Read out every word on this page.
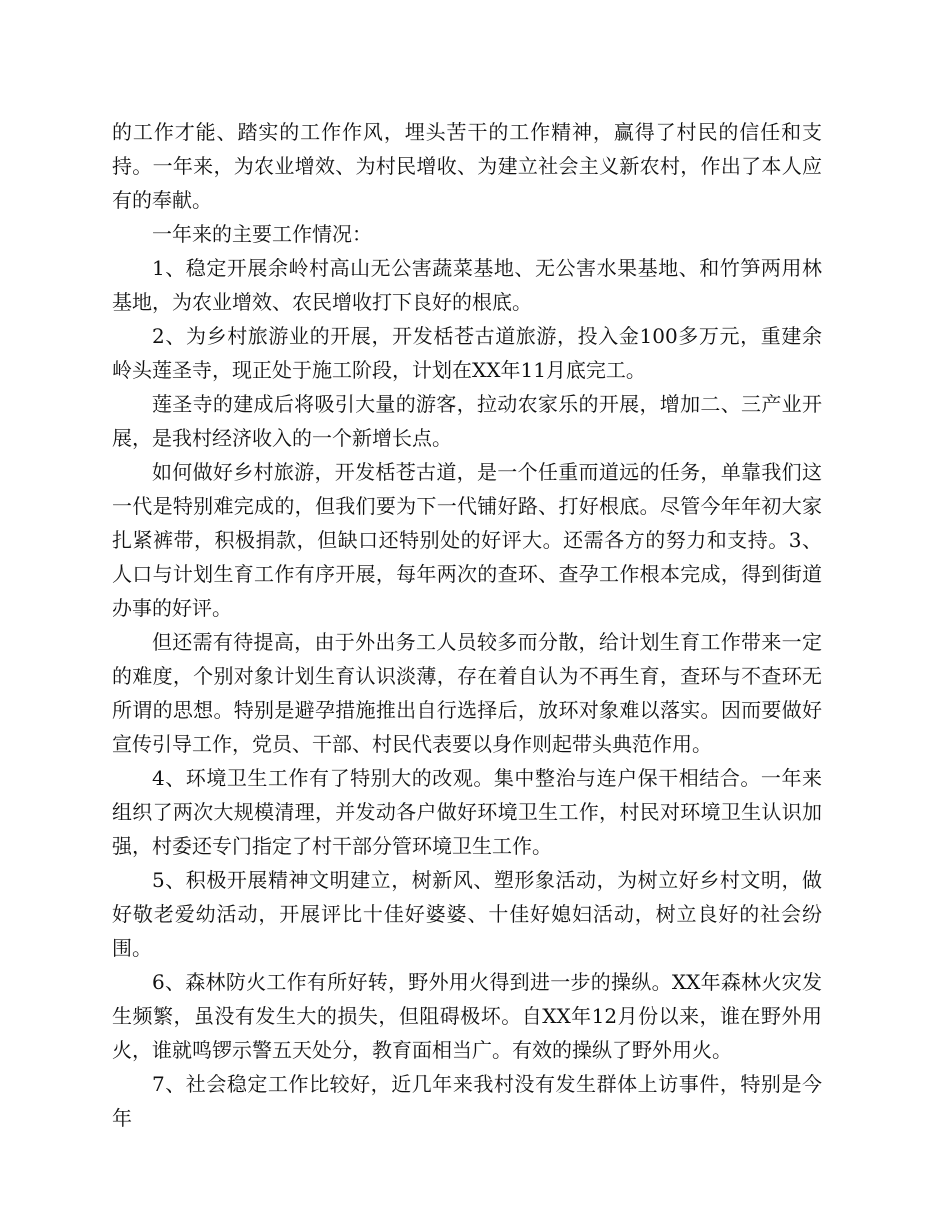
的工作才能、踏实的工作作风，埋头苦干的工作精神，赢得了村民的信任和支持。一年来，为农业增效、为村民增收、为建立社会主义新农村，作出了本人应有的奉献。

一年来的主要工作情况：

1、稳定开展余岭村高山无公害蔬菜基地、无公害水果基地、和竹笋两用林基地，为农业增效、农民增收打下良好的根底。

2、为乡村旅游业的开展，开发栝苍古道旅游，投入金100多万元，重建余岭头莲圣寺，现正处于施工阶段，计划在XX年11月底完工。

莲圣寺的建成后将吸引大量的游客，拉动农家乐的开展，增加二、三产业开展，是我村经济收入的一个新增长点。

如何做好乡村旅游，开发栝苍古道，是一个任重而道远的任务，单靠我们这一代是特别难完成的，但我们要为下一代铺好路、打好根底。尽管今年年初大家扎紧裤带，积极捐款，但缺口还特别处的好评大。还需各方的努力和支持。3、人口与计划生育工作有序开展，每年两次的查环、查孕工作根本完成，得到街道办事的好评。

但还需有待提高，由于外出务工人员较多而分散，给计划生育工作带来一定的难度，个别对象计划生育认识淡薄，存在着自认为不再生育，查环与不查环无所谓的思想。特别是避孕措施推出自行选择后，放环对象难以落实。因而要做好宣传引导工作，党员、干部、村民代表要以身作则起带头典范作用。

4、环境卫生工作有了特别大的改观。集中整治与连户保干相结合。一年来组织了两次大规模清理，并发动各户做好环境卫生工作，村民对环境卫生认识加强，村委还专门指定了村干部分管环境卫生工作。

5、积极开展精神文明建立，树新风、塑形象活动，为树立好乡村文明，做好敬老爱幼活动，开展评比十佳好婆婆、十佳好媳妇活动，树立良好的社会纷围。

6、森林防火工作有所好转，野外用火得到进一步的操纵。XX年森林火灾发生频繁，虽没有发生大的损失，但阻碍极坏。自XX年12月份以来，谁在野外用火，谁就鸣锣示警五天处分，教育面相当广。有效的操纵了野外用火。

7、社会稳定工作比较好，近几年来我村没有发生群体上访事件，特别是今年
